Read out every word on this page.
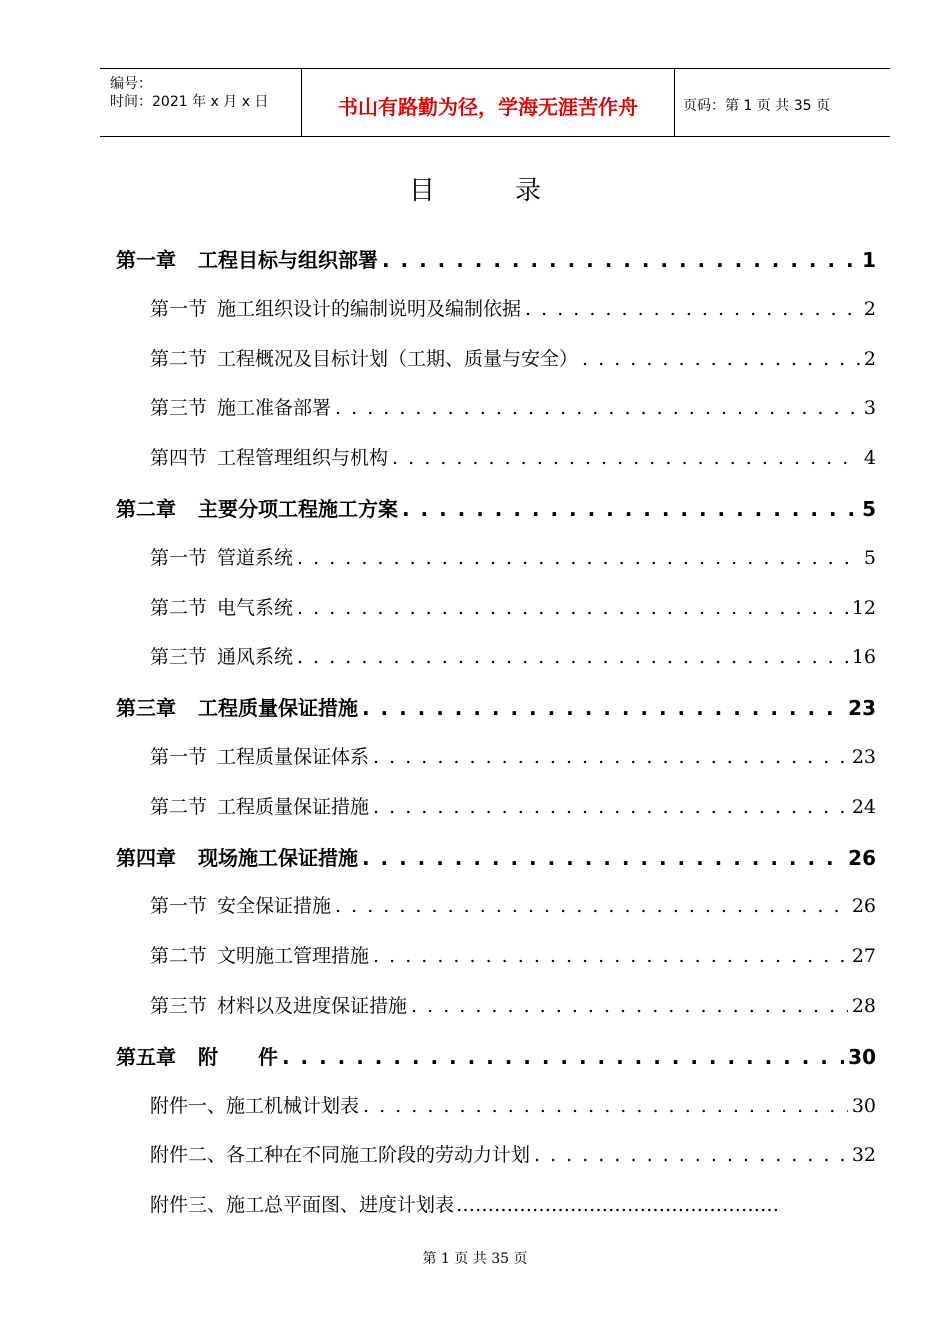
编号：
时间：2021 年 x 月 x 日	书山有路勤为径，学海无涯苦作舟	页码：第 1 页 共 35 页
目录
第一章 工程目标与组织部署 . . .	1
第一节 施工组织设计的编制说明及编制依据 . . .	2
第二节 工程概况及目标计划（工期、质量与安全） . . .	2
第三节 施工准备部署 . . .	3
第四节 工程管理组织与机构 . . .	4
第二章 主要分项工程施工方案 . . .	5
第一节 管道系统 . . .	5
第二节 电气系统 . . .	12
第三节 通风系统 . . .	16
第三章 工程质量保证措施 . . .	23
第一节 工程质量保证体系 . . .	23
第二节 工程质量保证措施 . . .	24
第四章 现场施工保证措施 . . .	26
第一节 安全保证措施 . . .	26
第二节 文明施工管理措施 . . .	27
第三节 材料以及进度保证措施 . . .	28
第五章 附　　件 . . .	30
附件一、施工机械计划表 . . .	30
附件二、各工种在不同施工阶段的劳动力计划 . . .	32
附件三、施工总平面图、进度计划表 ……………………………………………
第 1 页 共 35 页
